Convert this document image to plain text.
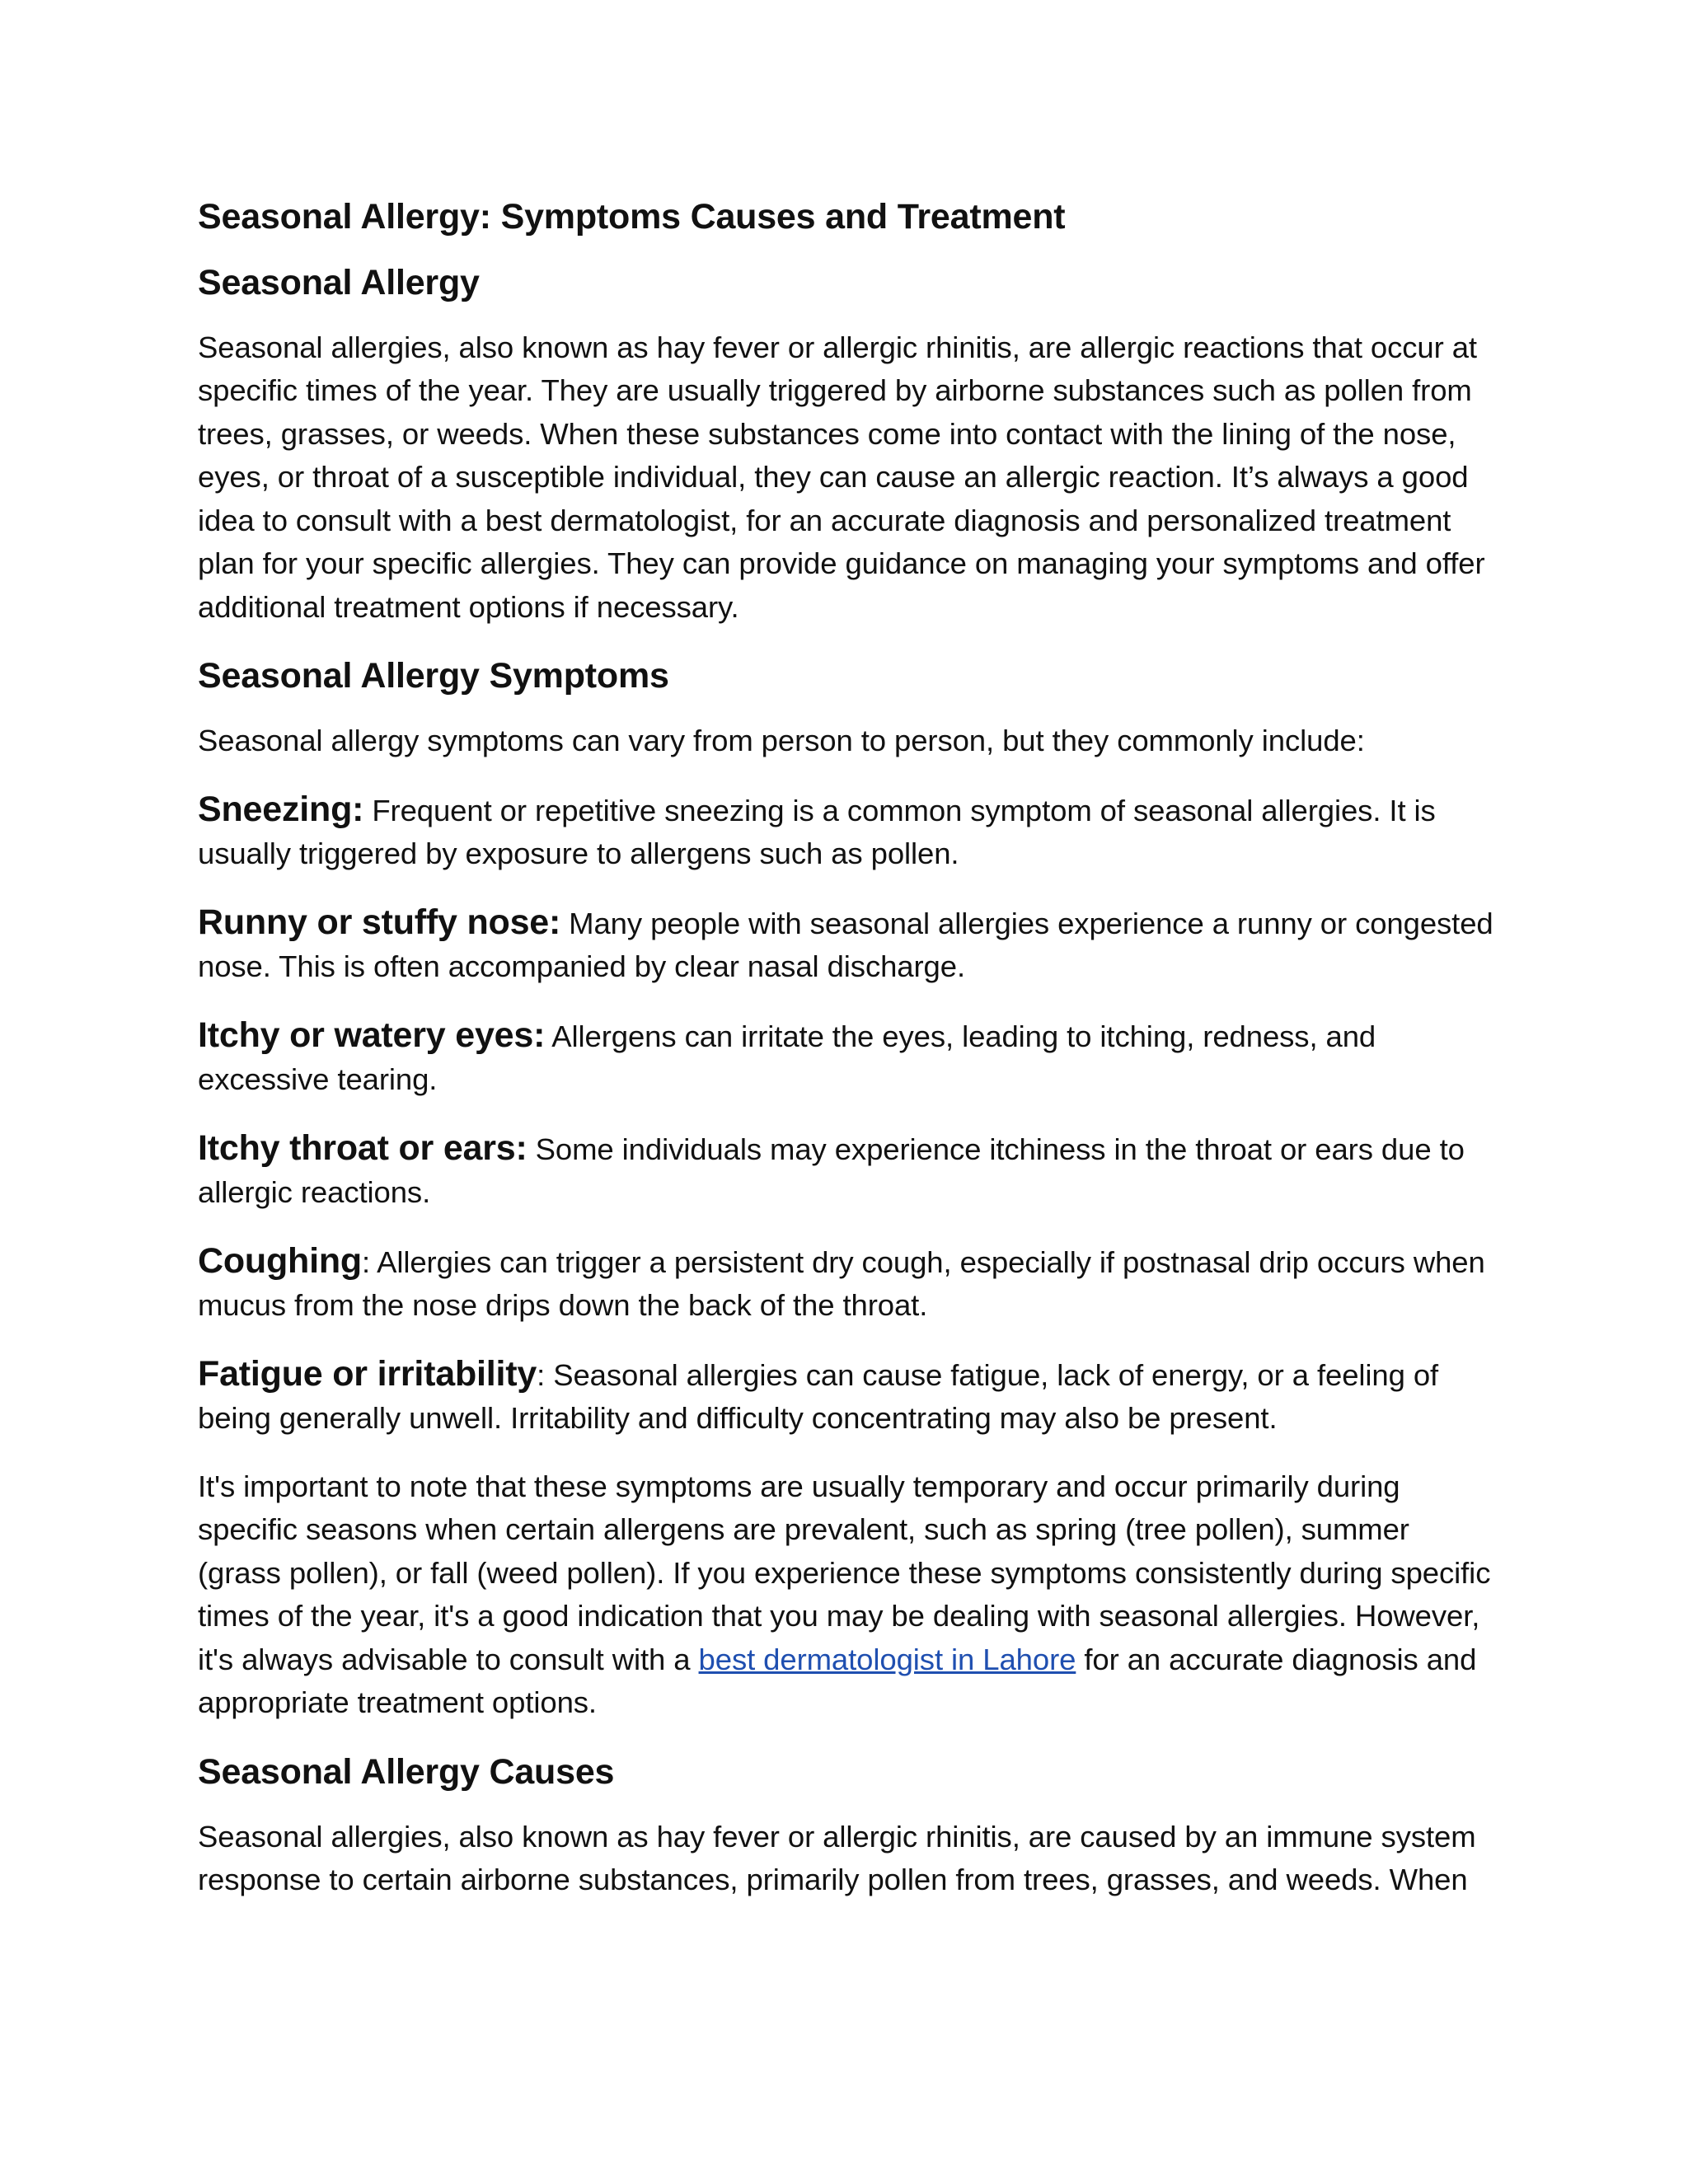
Seasonal Allergy: Symptoms Causes and Treatment
Seasonal Allergy

Seasonal allergies, also known as hay fever or allergic rhinitis, are allergic reactions that occur at specific times of the year. They are usually triggered by airborne substances such as pollen from trees, grasses, or weeds. When these substances come into contact with the lining of the nose, eyes, or throat of a susceptible individual, they can cause an allergic reaction. It’s always a good idea to consult with a best dermatologist, for an accurate diagnosis and personalized treatment plan for your specific allergies. They can provide guidance on managing your symptoms and offer additional treatment options if necessary.

Seasonal Allergy Symptoms

Seasonal allergy symptoms can vary from person to person, but they commonly include:

Sneezing: Frequent or repetitive sneezing is a common symptom of seasonal allergies. It is usually triggered by exposure to allergens such as pollen.

Runny or stuffy nose: Many people with seasonal allergies experience a runny or congested nose. This is often accompanied by clear nasal discharge.

Itchy or watery eyes: Allergens can irritate the eyes, leading to itching, redness, and excessive tearing.

Itchy throat or ears: Some individuals may experience itchiness in the throat or ears due to allergic reactions.

Coughing: Allergies can trigger a persistent dry cough, especially if postnasal drip occurs when mucus from the nose drips down the back of the throat.

Fatigue or irritability: Seasonal allergies can cause fatigue, lack of energy, or a feeling of being generally unwell. Irritability and difficulty concentrating may also be present.

It's important to note that these symptoms are usually temporary and occur primarily during specific seasons when certain allergens are prevalent, such as spring (tree pollen), summer (grass pollen), or fall (weed pollen). If you experience these symptoms consistently during specific times of the year, it's a good indication that you may be dealing with seasonal allergies. However, it's always advisable to consult with a best dermatologist in Lahore for an accurate diagnosis and appropriate treatment options.

Seasonal Allergy Causes

Seasonal allergies, also known as hay fever or allergic rhinitis, are caused by an immune system response to certain airborne substances, primarily pollen from trees, grasses, and weeds. When
